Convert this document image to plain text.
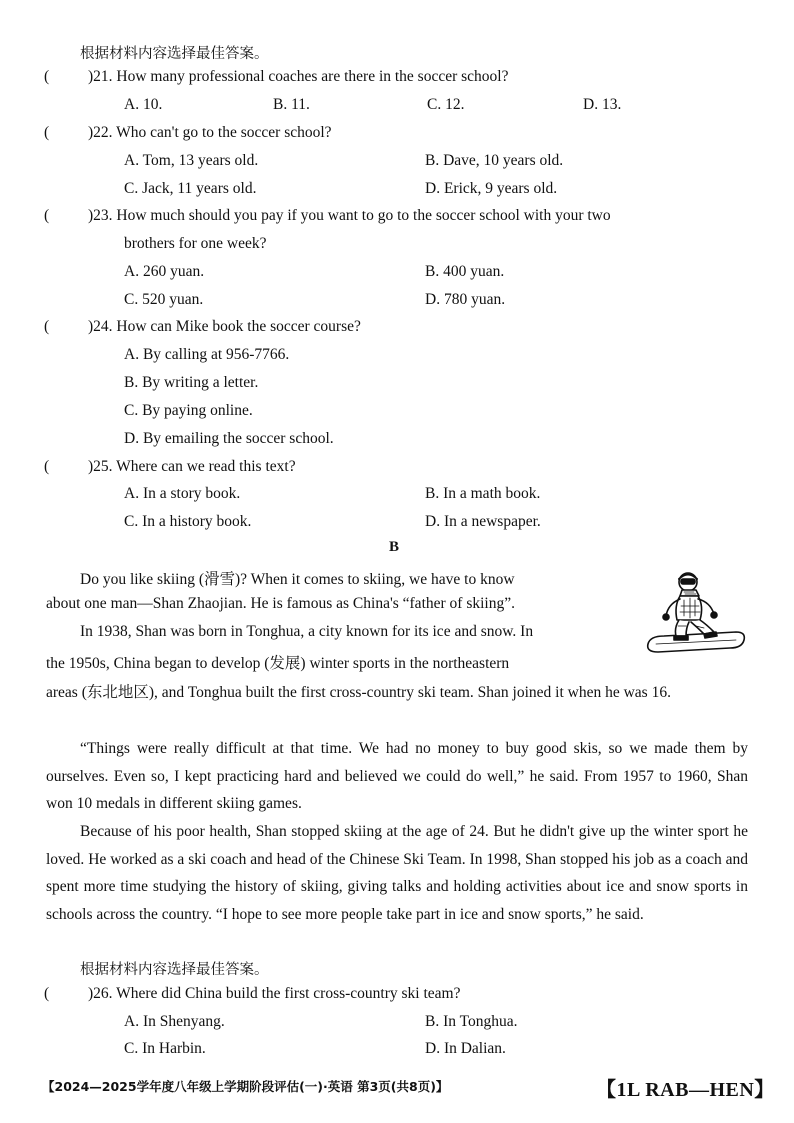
根据材料内容选择最佳答案。
(	)21. How many professional coaches are there in the soccer school?
A. 10.	B. 11.	C. 12.	D. 13.
(	)22. Who can't go to the soccer school?
A. Tom, 13 years old.	B. Dave, 10 years old.
C. Jack, 11 years old.	D. Erick, 9 years old.
(	)23. How much should you pay if you want to go to the soccer school with your two
brothers for one week?
A. 260 yuan.	B. 400 yuan.
C. 520 yuan.	D. 780 yuan.
(	)24. How can Mike book the soccer course?
A. By calling at 956-7766.
B. By writing a letter.
C. By paying online.
D. By emailing the soccer school.
(	)25. Where can we read this text?
A. In a story book.	B. In a math book.
C. In a history book.	D. In a newspaper.
B
Do you like skiing (滑雪)? When it comes to skiing, we have to know
about one man—Shan Zhaojian. He is famous as China's “father of skiing”.
In 1938, Shan was born in Tonghua, a city known for its ice and snow. In
the 1950s, China began to develop (发展) winter sports in the northeastern
areas (东北地区), and Tonghua built the first cross-country ski team. Shan joined it when he was 16.
“Things were really difficult at that time. We had no money to buy good skis, so we made them by ourselves. Even so, I kept practicing hard and believed we could do well,” he said. From 1957 to 1960, Shan won 10 medals in different skiing games.
Because of his poor health, Shan stopped skiing at the age of 24. But he didn't give up the winter sport he loved. He worked as a ski coach and head of the Chinese Ski Team. In 1998, Shan stopped his job as a coach and spent more time studying the history of skiing, giving talks and holding activities about ice and snow sports in schools across the country. “I hope to see more people take part in ice and snow sports,” he said.
根据材料内容选择最佳答案。
(	)26. Where did China build the first cross-country ski team?
A. In Shenyang.	B. In Tonghua.
C. In Harbin.	D. In Dalian.
【2024—2025学年度八年级上学期阶段评估(一)·英语 第3页(共8页)】	【1L RAB—HEN】
